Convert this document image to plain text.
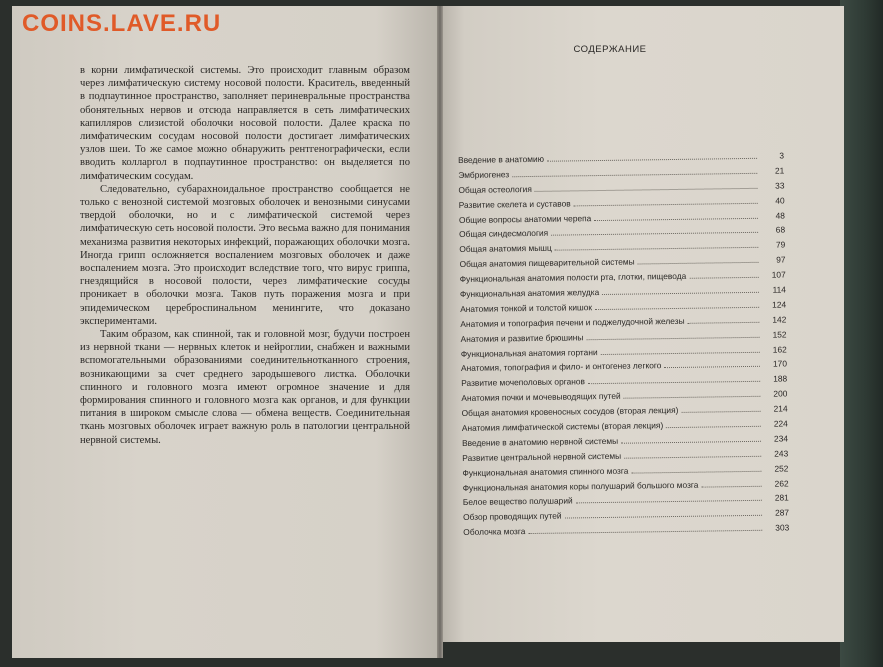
COINS.LAVE.RU

в корни лимфатической системы. Это происходит главным образом через лимфатическую систему носовой полости. Краситель, введенный в подпаутинное пространство, заполняет периневральные пространства обонятельных нервов и отсюда направляется в сеть лимфатических капилляров слизистой оболочки носовой полости. Далее краска по лимфатическим сосудам носовой полости достигает лимфатических узлов шеи. То же самое можно обнаружить рентгенографически, если вводить колларгол в подпаутинное пространство: он выделяется по лимфатическим сосудам.

Следовательно, субарахноидальное пространство сообщается не только с венозной системой мозговых оболочек и венозными синусами твердой оболочки, но и с лимфатической системой через лимфатическую сеть носовой полости. Это весьма важно для понимания механизма развития некоторых инфекций, поражающих оболочки мозга. Иногда грипп осложняется воспалением мозговых оболочек и даже воспалением мозга. Это происходит вследствие того, что вирус гриппа, гнездящийся в носовой полости, через лимфатические сосуды проникает в оболочки мозга. Таков путь поражения мозга и при эпидемическом цереброспинальном менингите, что доказано экспериментами.

Таким образом, как спинной, так и головной мозг, будучи построен из нервной ткани — нервных клеток и нейроглии, снабжен и важными вспомогательными образованиями соединительнотканного строения, возникающими за счет среднего зародышевого листка. Оболочки спинного и головного мозга имеют огромное значение и для формирования спинного и головного мозга как органов, и для функции питания в широком смысле слова — обмена веществ. Соединительная ткань мозговых оболочек играет важную роль в патологии центральной нервной системы.

СОДЕРЖАНИЕ
Введение в анатомию	3
Эмбриогенез	21
Общая остеология	33
Развитие скелета и суставов	40
Общие вопросы анатомии черепа	48
Общая синдесмология	68
Общая анатомия мышц	79
Общая анатомия пищеварительной системы	97
Функциональная анатомия полости рта, глотки, пищевода	107
Функциональная анатомия желудка	114
Анатомия тонкой и толстой кишок	124
Анатомия и топография печени и поджелудочной железы	142
Анатомия и развитие брюшины	152
Функциональная анатомия гортани	162
Анатомия, топография и фило- и онтогенез легкого	170
Развитие мочеполовых органов	188
Анатомия почки и мочевыводящих путей	200
Общая анатомия кровеносных сосудов (вторая лекция)	214
Анатомия лимфатической системы (вторая лекция)	224
Введение в анатомию нервной системы	234
Развитие центральной нервной системы	243
Функциональная анатомия спинного мозга	252
Функциональная анатомия коры полушарий большого мозга	262
Белое вещество полушарий	281
Обзор проводящих путей	287
Оболочка мозга	303
